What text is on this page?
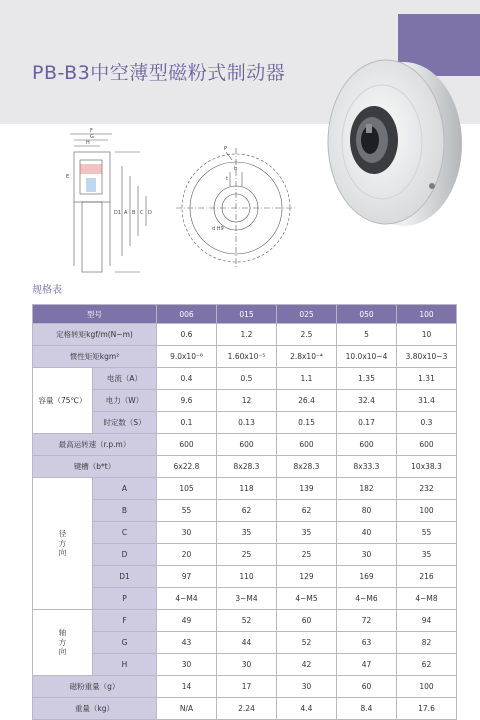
PB-B3中空薄型磁粉式制动器
F
G
H
E
A B C D
D1
P
b
t
d H9
规格表
型号		006	015	025	050	100
定格转矩kgf/m(N~m)		0.6	1.2	2.5	5	10
惯性矩矩kgm²		9.0x10⁻⁶	1.60x10⁻⁵	2.8x10⁻⁴	10.0x10~4	3.80x10~3
容量（75℃）	电流（A）	0.4	0.5	1.1	1.35	1.31
	电力（W）	9.6	12	26.4	32.4	31.4
	时定数（S）	0.1	0.13	0.15	0.17	0.3
最高运转速（r.p.m）		600	600	600	600	600
键槽（b*t）		6x22.8	8x28.3	8x28.3	8x33.3	10x38.3

径
方
向	A	105	118	139	182	232
	B	55	62	62	80	100
	C	30	35	35	40	55
	D	20	25	25	30	35
	D1	97	110	129	169	216
	P	4~M4	3~M4	4~M5	4~M6	4~M8

轴
方
向	F	49	52	60	72	94
	G	43	44	52	63	82
	H	30	30	42	47	62
磁粉重量（g）		14	17	30	60	100
重量（kg）		N/A	2.24	4.4	8.4	17.6
